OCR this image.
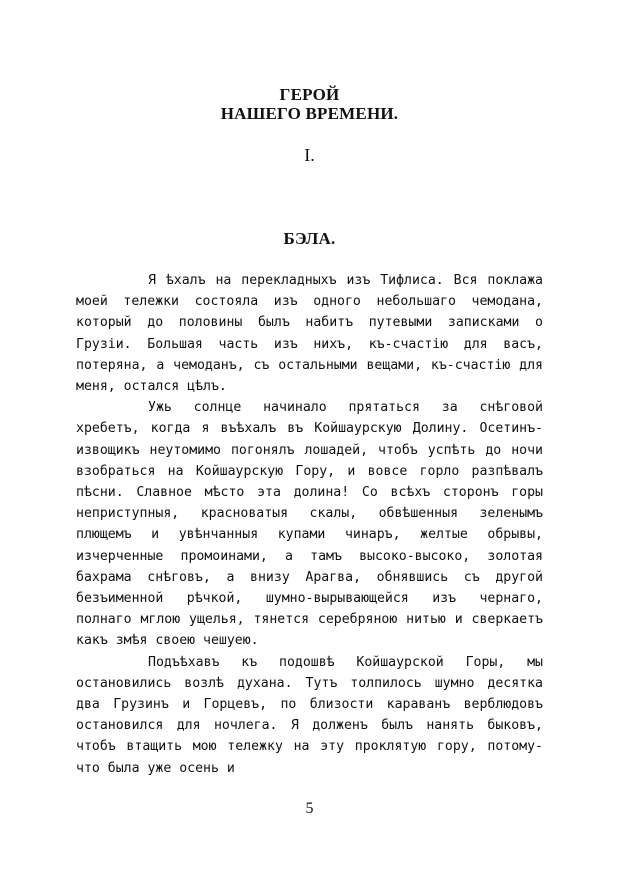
ГЕРОЙ
НАШЕГО ВРЕМЕНИ.
I.
БЭЛА.

Я ѣхалъ на перекладныхъ изъ Тифлиса. Вся поклажа моей тележки состояла изъ одного небольшаго чемодана, который до половины былъ набитъ путевыми записками о Грузіи. Большая часть изъ нихъ, къ-счастію для васъ, потеряна, а чемоданъ, съ остальными вещами, къ-счастію для меня, остался цѣлъ.

Ужь солнце начинало прятаться за снѣговой хребетъ, когда я въѣхалъ въ Койшаурскую Долину. Осетинъ-извощикъ неутомимо погонялъ лошадей, чтобъ успѣть до ночи взобраться на Койшаурскую Гору, и вовсе горло разпѣвалъ пѣсни. Славное мѣсто эта долина! Со всѣхъ сторонъ горы неприступныя, красноватыя скалы, обвѣшенныя зеленымъ плющемъ и увѣнчанныя купами чинаръ, желтые обрывы, изчерченные промоинами, а тамъ высоко-высоко, золотая бахрама снѣговъ, а внизу Арагва, обнявшись съ другой безъименной рѣчкой, шумно-вырывающейся изъ чернаго, полнаго мглою ущелья, тянется серебряною нитью и сверкаетъ какъ змѣя своею чешуею.

Подъѣхавъ къ подошвѣ Койшаурской Горы, мы остановились возлѣ духана. Тутъ толпилось шумно десятка два Грузинъ и Горцевъ, по близости караванъ верблюдовъ остановился для ночлега. Я долженъ былъ нанять быковъ, чтобъ втащить мою тележку на эту проклятую гору, потому-что была уже осень и

5
